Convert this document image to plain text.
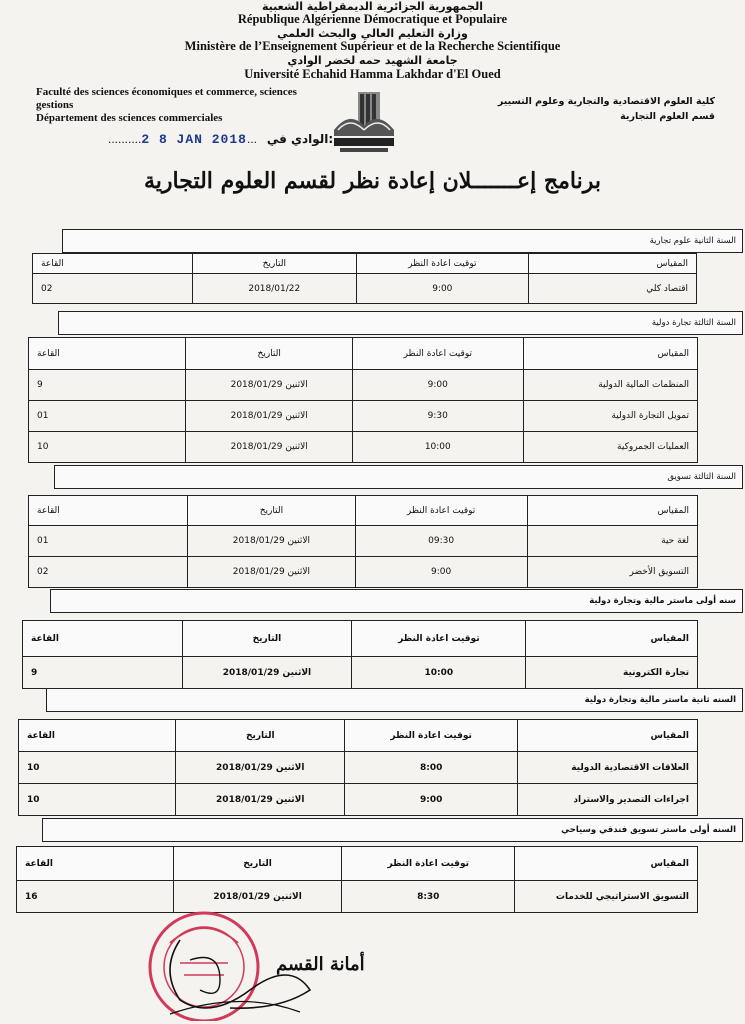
الجمهورية الجزائرية الديمقراطية الشعبية
République Algérienne Démocratique et Populaire
وزارة التعليم العالي والبحث العلمي
Ministère de l’Enseignement Supérieur et de la Recherche Scientifique
جامعة الشهيد حمه لخضر الوادي
Université Echahid Hamma Lakhdar d'El Oued
Faculté des sciences économiques et commerce, sciences
gestions
Département des sciences commerciales
كلية العلوم الاقتصادية والتجارية وعلوم التسيير
قسم العلوم التجارية
..........2 8 JAN 2018... الوادي في:
برنامج إعـــــــلان إعادة نظر لقسم العلوم التجارية
السنة الثانية علوم تجارية
المقياس	توقيت اعادة النظر	التاريخ	القاعة
اقتصاد كلي	9:00	2018/01/22	02
السنة الثالثة تجارة دولية
المقياس	توقيت اعادة النظر	التاريخ	القاعة
المنظمات المالية الدولية	9:00	الاثنين 2018/01/29	9
تمويل التجارة الدولية	9:30	الاثنين 2018/01/29	01
العمليات الجمروكية	10:00	الاثنين 2018/01/29	10
السنة الثالثة تسويق
المقياس	توقيت اعادة النظر	التاريخ	القاعة
لغة حية	09:30	الاثنين 2018/01/29	01
التسويق الأخضر	9:00	الاثنين 2018/01/29	02
سنه أولى ماستر مالية وتجارة دولية
المقياس	توقيت اعادة النظر	التاريخ	القاعة
تجارة الكترونية	10:00	الاثنين 2018/01/29	9
السنه ثانية ماستر مالية وتجارة دولية
المقياس	توقيت اعادة النظر	التاريخ	القاعة
العلاقات الاقتصادية الدولية	8:00	الاثنين 2018/01/29	10
اجراءات التصدير والاستراد	9:00	الاثنين 2018/01/29	10
السنه أولى ماستر تسويق فندقي وسياحي
المقياس	توقيت اعادة النظر	التاريخ	القاعة
التسويق الاستراتيجي للخدمات	8:30	الاثنين 2018/01/29	16
أمانة القسم
